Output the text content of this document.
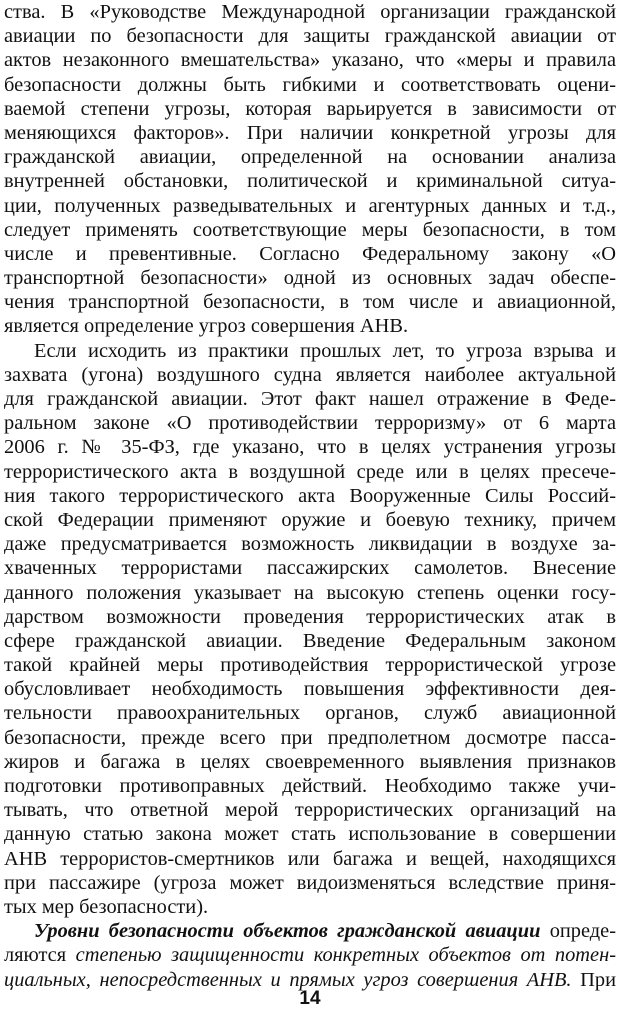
ства. В «Руководстве Международной организации гражданской
авиации по безопасности для защиты гражданской авиации от
актов незаконного вмешательства» указано, что «меры и правила
безопасности должны быть гибкими и соответствовать оцени-
ваемой степени угрозы, которая варьируется в зависимости от
меняющихся факторов». При наличии конкретной угрозы для
гражданской авиации, определенной на основании анализа
внутренней обстановки, политической и криминальной ситуа-
ции, полученных разведывательных и агентурных данных и т.д.,
следует применять соответствующие меры безопасности, в том
числе и превентивные. Согласно Федеральному закону «О
транспортной безопасности» одной из основных задач обеспе-
чения транспортной безопасности, в том числе и авиационной,
является определение угроз совершения АНВ.
Если исходить из практики прошлых лет, то угроза взрыва и
захвата (угона) воздушного судна является наиболее актуальной
для гражданской авиации. Этот факт нашел отражение в Феде-
ральном законе «О противодействии терроризму» от 6 марта
2006 г. № 35-ФЗ, где указано, что в целях устранения угрозы
террористического акта в воздушной среде или в целях пресече-
ния такого террористического акта Вооруженные Силы Россий-
ской Федерации применяют оружие и боевую технику, причем
даже предусматривается возможность ликвидации в воздухе за-
хваченных террористами пассажирских самолетов. Внесение
данного положения указывает на высокую степень оценки госу-
дарством возможности проведения террористических атак в
сфере гражданской авиации. Введение Федеральным законом
такой крайней меры противодействия террористической угрозе
обусловливает необходимость повышения эффективности дея-
тельности правоохранительных органов, служб авиационной
безопасности, прежде всего при предполетном досмотре пасса-
жиров и багажа в целях своевременного выявления признаков
подготовки противоправных действий. Необходимо также учи-
тывать, что ответной мерой террористических организаций на
данную статью закона может стать использование в совершении
АНВ террористов-смертников или багажа и вещей, находящихся
при пассажире (угроза может видоизменяться вследствие приня-
тых мер безопасности).
Уровни безопасности объектов гражданской авиации опреде-
ляются степенью защищенности конкретных объектов от потен-
циальных, непосредственных и прямых угроз совершения АНВ. При
14
